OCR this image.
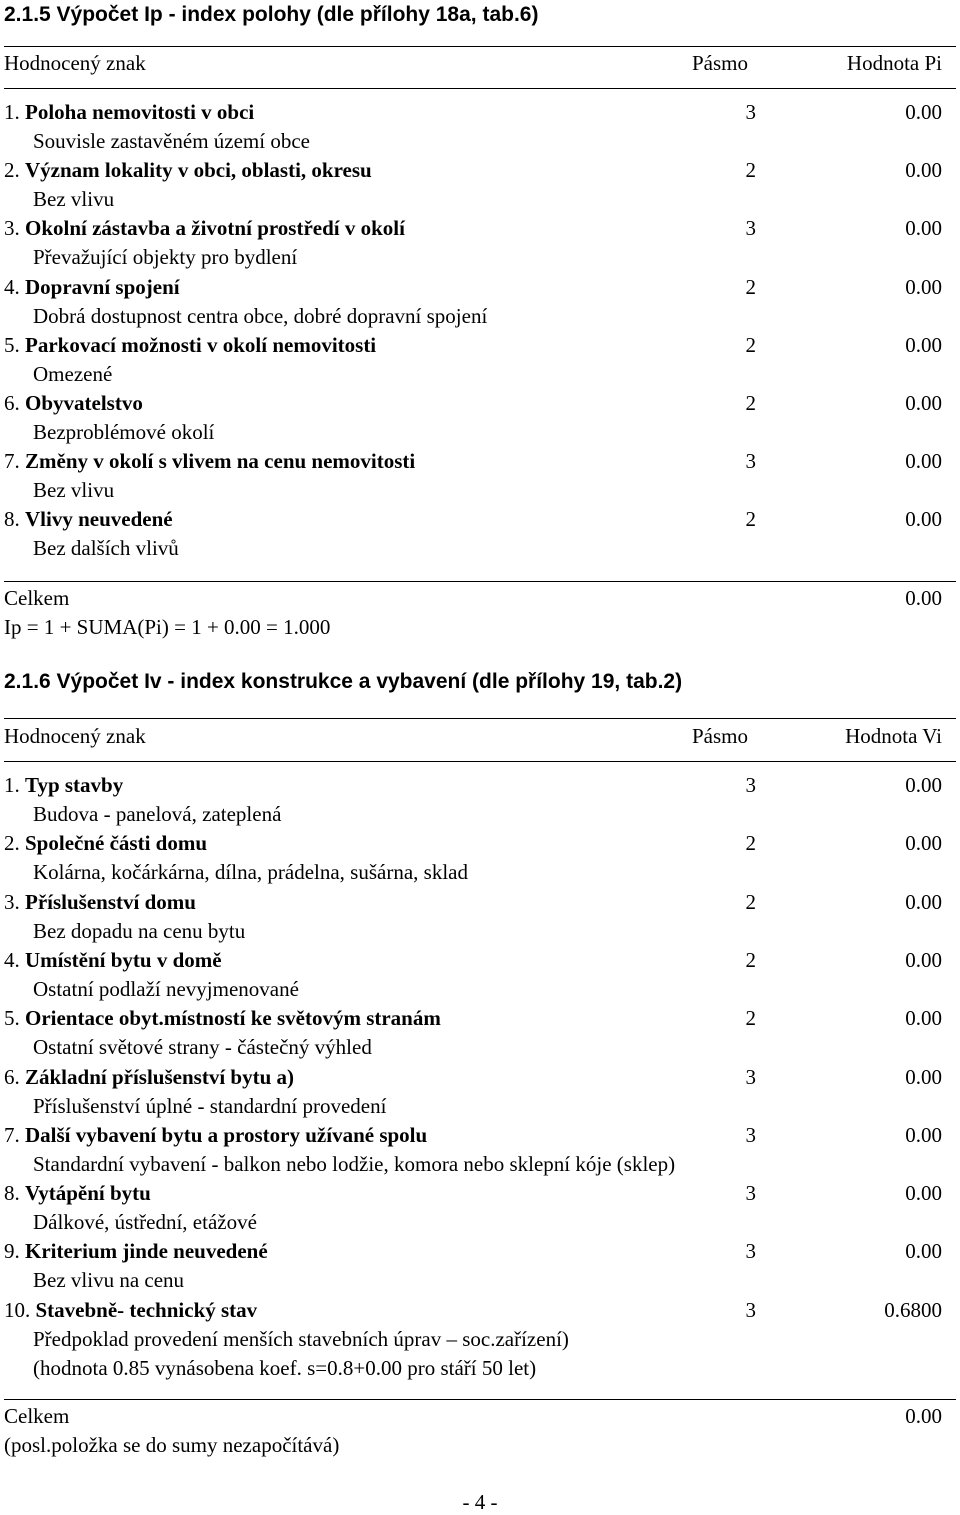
2.1.5 Výpočet Ip - index polohy (dle přílohy 18a, tab.6)
Hodnocený znak	Pásmo	Hodnota Pi
1. Poloha nemovitosti v obci	3	0.00
Souvisle zastavěném území obce
2. Význam lokality v obci, oblasti, okresu	2	0.00
Bez vlivu
3. Okolní zástavba a životní prostředí v okolí	3	0.00
Převažující objekty pro bydlení
4. Dopravní spojení	2	0.00
Dobrá dostupnost centra obce, dobré dopravní spojení
5. Parkovací možnosti v okolí nemovitosti	2	0.00
Omezené
6. Obyvatelstvo	2	0.00
Bezproblémové okolí
7. Změny v okolí s vlivem na cenu nemovitosti	3	0.00
Bez vlivu
8. Vlivy neuvedené	2	0.00
Bez dalších vlivů
Celkem	0.00
Ip = 1 + SUMA(Pi) = 1 + 0.00 = 1.000
2.1.6 Výpočet Iv - index konstrukce a vybavení (dle přílohy 19, tab.2)
Hodnocený znak	Pásmo	Hodnota Vi
1. Typ stavby	3	0.00
Budova - panelová, zateplená
2. Společné části domu	2	0.00
Kolárna, kočárkárna, dílna, prádelna, sušárna, sklad
3. Příslušenství domu	2	0.00
Bez dopadu na cenu bytu
4. Umístění bytu v domě	2	0.00
Ostatní podlaží nevyjmenované
5. Orientace obyt.místností ke světovým stranám	2	0.00
Ostatní světové strany - částečný výhled
6. Základní příslušenství bytu a)	3	0.00
Příslušenství úplné - standardní provedení
7. Další vybavení bytu a prostory užívané spolu	3	0.00
Standardní vybavení - balkon nebo lodžie, komora nebo sklepní kóje (sklep)
8. Vytápění bytu	3	0.00
Dálkové, ústřední, etážové
9. Kriterium jinde neuvedené	3	0.00
Bez vlivu na cenu
10. Stavebně- technický stav	3	0.6800
Předpoklad provedení menších stavebních úprav – soc.zařízení)
(hodnota 0.85 vynásobena koef. s=0.8+0.00 pro stáří 50 let)
Celkem	0.00
(posl.položka se do sumy nezapočítává)
- 4 -
